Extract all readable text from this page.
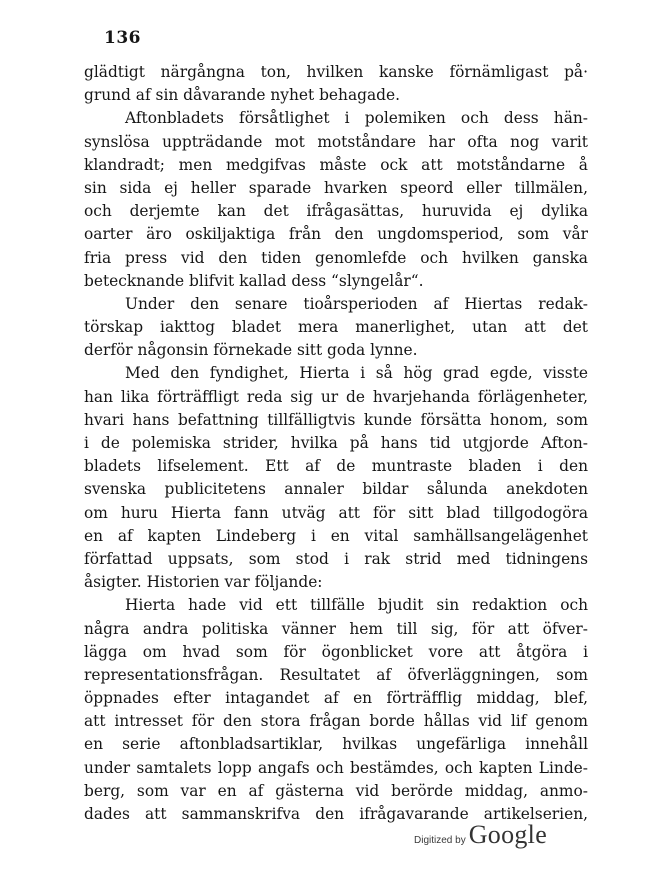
136
glädtigt närgångna ton, hvilken kanske förnämligast på·
grund af sin dåvarande nyhet behagade.
Aftonbladets försåtlighet i polemiken och dess hän-
synslösa uppträdande mot motståndare har ofta nog varit
klandradt; men medgifvas måste ock att motståndarne å
sin sida ej heller sparade hvarken speord eller tillmälen,
och derjemte kan det ifrågasättas, huruvida ej dylika
oarter äro oskiljaktiga från den ungdomsperiod, som vår
fria press vid den tiden genomlefde och hvilken ganska
betecknande blifvit kallad dess “slyngelår“.
Under den senare tioårsperioden af Hiertas redak-
törskap iakttog bladet mera manerlighet, utan att det
derför någonsin förnekade sitt goda lynne.
Med den fyndighet, Hierta i så hög grad egde, visste
han lika förträffligt reda sig ur de hvarjehanda förlägenheter,
hvari hans befattning tillfälligtvis kunde försätta honom, som
i de polemiska strider, hvilka på hans tid utgjorde Afton-
bladets lifselement. Ett af de muntraste bladen i den
svenska publicitetens annaler bildar sålunda anekdoten
om huru Hierta fann utväg att för sitt blad tillgodogöra
en af kapten Lindeberg i en vital samhällsangelägenhet
författad uppsats, som stod i rak strid med tidningens
åsigter. Historien var följande:
Hierta hade vid ett tillfälle bjudit sin redaktion och
några andra politiska vänner hem till sig, för att öfver-
lägga om hvad som för ögonblicket vore att åtgöra i
representationsfrågan. Resultatet af öfverläggningen, som
öppnades efter intagandet af en förträfflig middag, blef,
att intresset för den stora frågan borde hållas vid lif genom
en serie aftonbladsartiklar, hvilkas ungefärliga innehåll
under samtalets lopp angafs och bestämdes, och kapten Linde-
berg, som var en af gästerna vid berörde middag, anmo-
dades att sammanskrifva den ifrågavarande artikelserien,
Digitized by Google
